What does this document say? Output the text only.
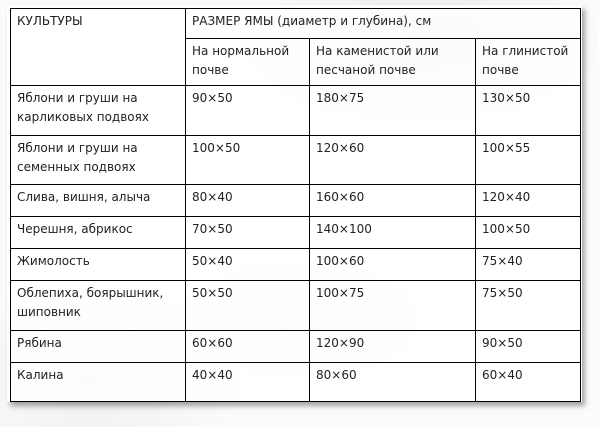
КУЛЬТУРЫ	РАЗМЕР ЯМЫ (диаметр и глубина), см		
	На нормальной почве	На каменистой или песчаной почве	На глинистой почве
Яблони и груши на карликовых подвоях	90×50	180×75	130×50
Яблони и груши на семенных подвоях	100×50	120×60	100×55
Слива, вишня, алыча	80×40	160×60	120×40
Черешня, абрикос	70×50	140×100	100×50
Жимолость	50×40	100×60	75×40
Облепиха, боярышник, шиповник	50×50	100×75	75×50
Рябина	60×60	120×90	90×50
Калина	40×40	80×60	60×40
